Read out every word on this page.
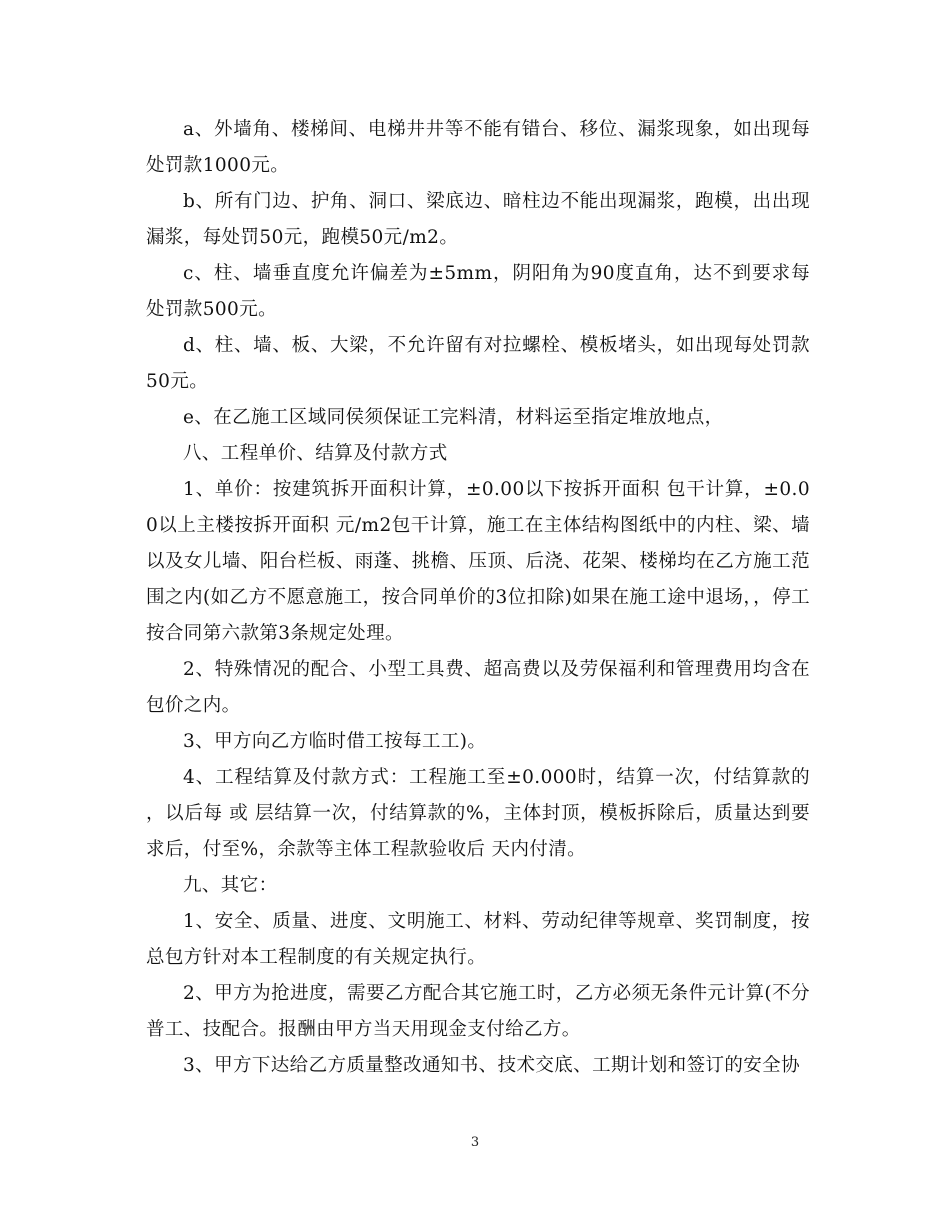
a、外墙角、楼梯间、电梯井井等不能有错台、移位、漏浆现象，如出现每处罚款1000元。

b、所有门边、护角、洞口、梁底边、暗柱边不能出现漏浆，跑模，出出现漏浆，每处罚50元，跑模50元/m2。

c、柱、墙垂直度允许偏差为±5mm，阴阳角为90度直角，达不到要求每处罚款500元。

d、柱、墙、板、大梁，不允许留有对拉螺栓、模板堵头，如出现每处罚款50元。

e、在乙施工区域同侯须保证工完料清，材料运至指定堆放地点，

八、工程单价、结算及付款方式

1、单价：按建筑拆开面积计算，±0.00以下按拆开面积 包干计算，±0.00以上主楼按拆开面积 元/m2包干计算，施工在主体结构图纸中的内柱、梁、墙以及女儿墙、阳台栏板、雨蓬、挑檐、压顶、后浇、花架、楼梯均在乙方施工范围之内(如乙方不愿意施工，按合同单价的3位扣除)如果在施工途中退场，，停工按合同第六款第3条规定处理。

2、特殊情况的配合、小型工具费、超高费以及劳保福利和管理费用均含在包价之内。

3、甲方向乙方临时借工按每工工)。

4、工程结算及付款方式：工程施工至±0.000时，结算一次，付结算款的 ，以后每 或 层结算一次，付结算款的%，主体封顶，模板拆除后，质量达到要求后，付至%，余款等主体工程款验收后 天内付清。

九、其它：

1、安全、质量、进度、文明施工、材料、劳动纪律等规章、奖罚制度，按总包方针对本工程制度的有关规定执行。

2、甲方为抢进度，需要乙方配合其它施工时，乙方必须无条件元计算(不分普工、技配合。报酬由甲方当天用现金支付给乙方。

3、甲方下达给乙方质量整改通知书、技术交底、工期计划和签订的安全协

3
